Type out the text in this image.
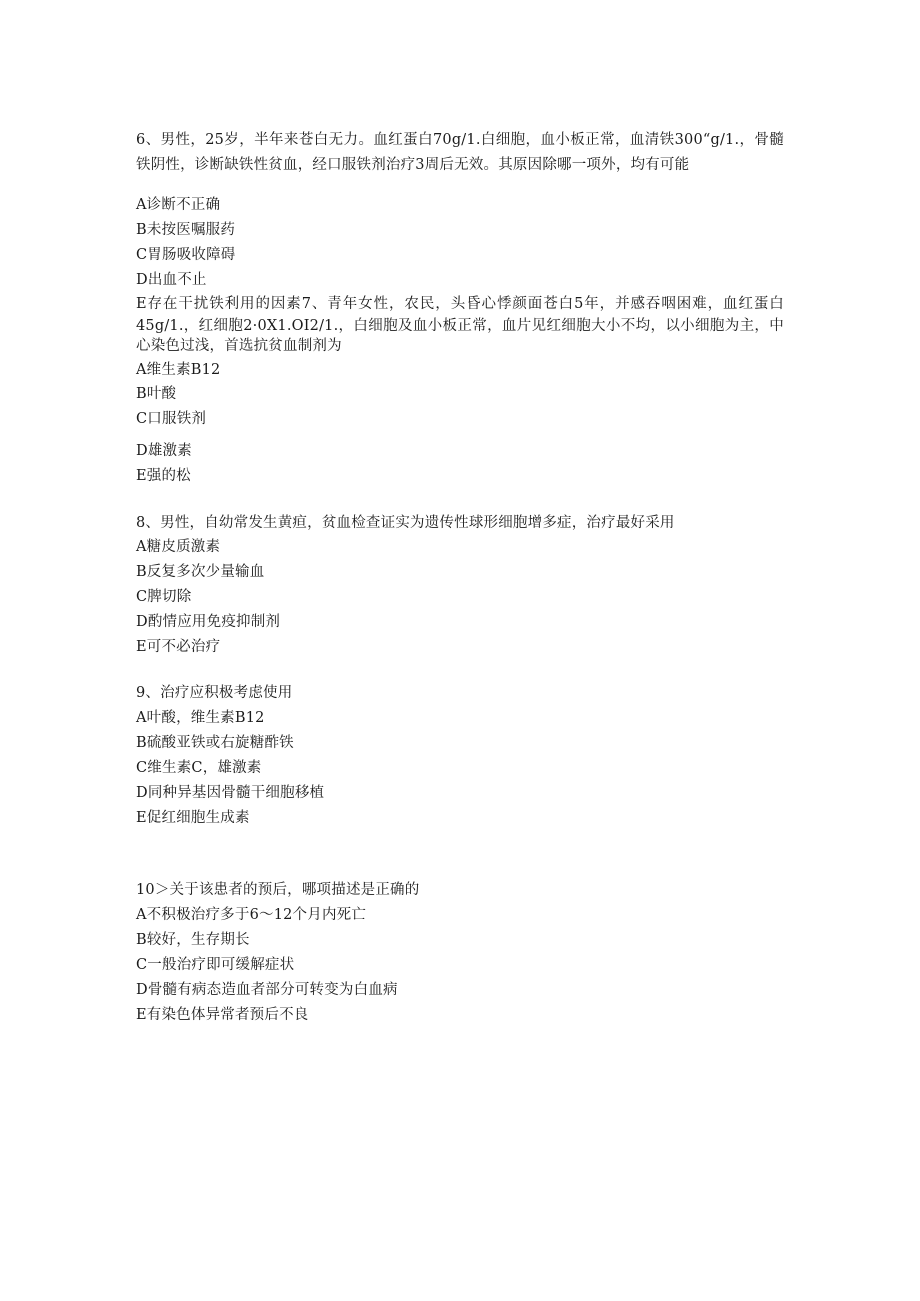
6、男性，25岁，半年来苍白无力。血红蛋白70g/1.白细胞，血小板正常，血清铁300“g/1.，骨髓
铁阴性，诊断缺铁性贫血，经口服铁剂治疗3周后无效。其原因除哪一项外，均有可能
A诊断不正确
B未按医嘱服药
C胃肠吸收障碍
D出血不止
E存在干扰铁利用的因素7、青年女性，农民，头昏心悸颜面苍白5年，并感吞咽困难，血红蛋白
45g/1.，红细胞2·0X1.OI2/1.，白细胞及血小板正常，血片见红细胞大小不均，以小细胞为主，中
心染色过浅，首选抗贫血制剂为
A维生素B12
B叶酸
C口服铁剂
D雄激素
E强的松
8、男性，自幼常发生黄疸，贫血检查证实为遗传性球形细胞增多症，治疗最好采用
A糖皮质激素
B反复多次少量输血
C脾切除
D酌情应用免疫抑制剂
E可不必治疗
9、治疗应积极考虑使用
A叶酸，维生素B12
B硫酸亚铁或右旋糖酢铁
C维生素C，雄激素
D同种异基因骨髓干细胞移植
E促红细胞生成素
10＞关于该患者的预后，哪项描述是正确的
A不积极治疗多于6～12个月内死亡
B较好，生存期长
C一般治疗即可缓解症状
D骨髓有病态造血者部分可转变为白血病
E有染色体异常者预后不良
